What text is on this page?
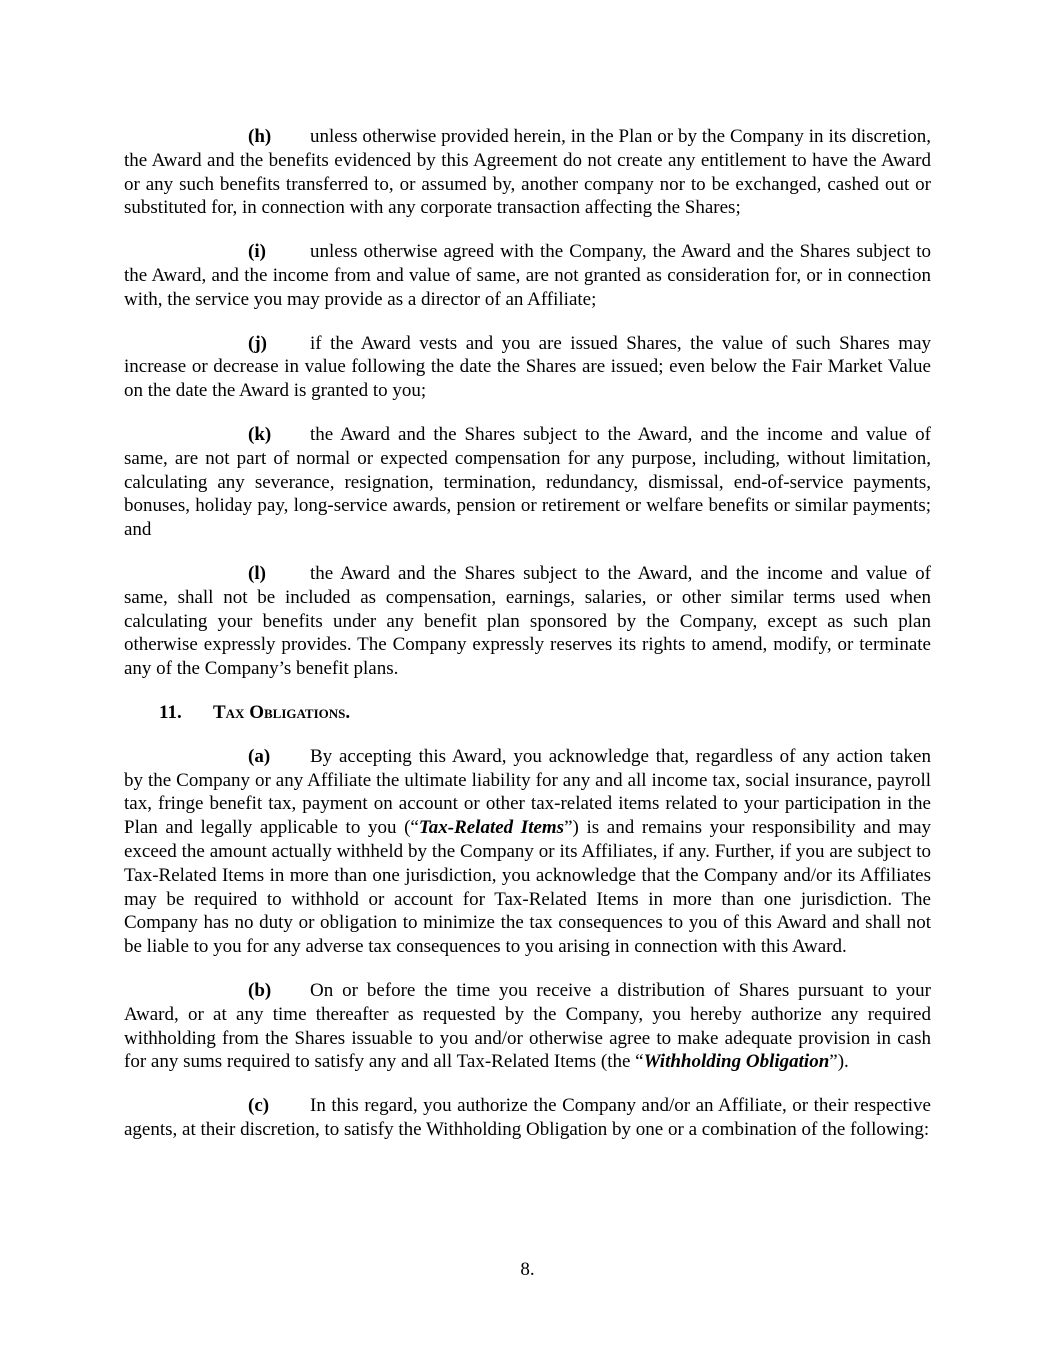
(h) unless otherwise provided herein, in the Plan or by the Company in its discretion, the Award and the benefits evidenced by this Agreement do not create any entitlement to have the Award or any such benefits transferred to, or assumed by, another company nor to be exchanged, cashed out or substituted for, in connection with any corporate transaction affecting the Shares;

(i) unless otherwise agreed with the Company, the Award and the Shares subject to the Award, and the income from and value of same, are not granted as consideration for, or in connection with, the service you may provide as a director of an Affiliate;

(j) if the Award vests and you are issued Shares, the value of such Shares may increase or decrease in value following the date the Shares are issued; even below the Fair Market Value on the date the Award is granted to you;

(k) the Award and the Shares subject to the Award, and the income and value of same, are not part of normal or expected compensation for any purpose, including, without limitation, calculating any severance, resignation, termination, redundancy, dismissal, end-of-service payments, bonuses, holiday pay, long-service awards, pension or retirement or welfare benefits or similar payments; and

(l) the Award and the Shares subject to the Award, and the income and value of same, shall not be included as compensation, earnings, salaries, or other similar terms used when calculating your benefits under any benefit plan sponsored by the Company, except as such plan otherwise expressly provides. The Company expressly reserves its rights to amend, modify, or terminate any of the Company’s benefit plans.

11. Tax Obligations.

(a) By accepting this Award, you acknowledge that, regardless of any action taken by the Company or any Affiliate the ultimate liability for any and all income tax, social insurance, payroll tax, fringe benefit tax, payment on account or other tax-related items related to your participation in the Plan and legally applicable to you (“Tax-Related Items”) is and remains your responsibility and may exceed the amount actually withheld by the Company or its Affiliates, if any. Further, if you are subject to Tax-Related Items in more than one jurisdiction, you acknowledge that the Company and/or its Affiliates may be required to withhold or account for Tax-Related Items in more than one jurisdiction. The Company has no duty or obligation to minimize the tax consequences to you of this Award and shall not be liable to you for any adverse tax consequences to you arising in connection with this Award.

(b) On or before the time you receive a distribution of Shares pursuant to your Award, or at any time thereafter as requested by the Company, you hereby authorize any required withholding from the Shares issuable to you and/or otherwise agree to make adequate provision in cash for any sums required to satisfy any and all Tax-Related Items (the “Withholding Obligation”).

(c) In this regard, you authorize the Company and/or an Affiliate, or their respective agents, at their discretion, to satisfy the Withholding Obligation by one or a combination of the following:

8.
